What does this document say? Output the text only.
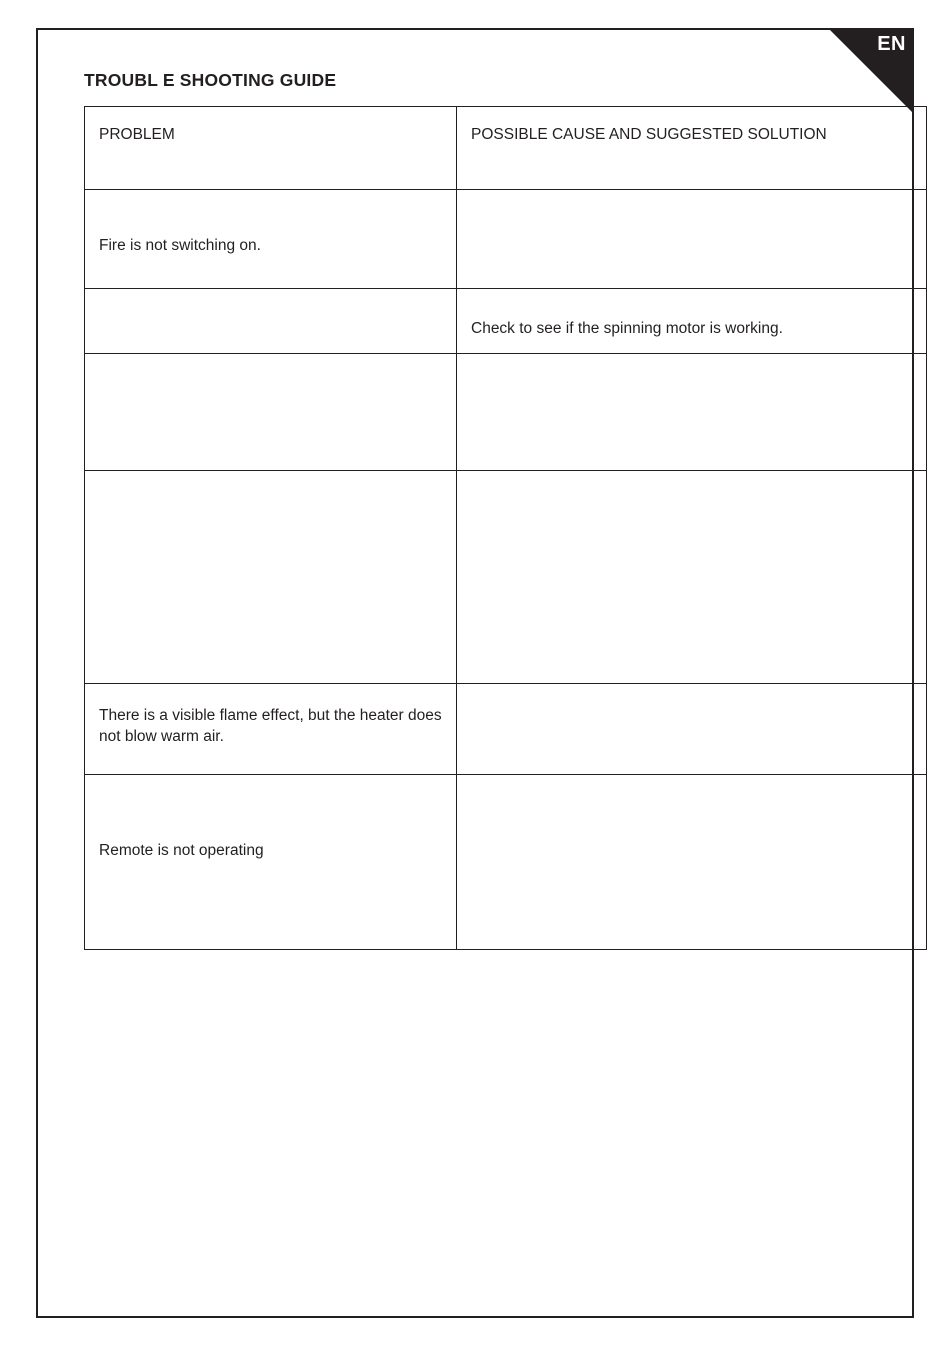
EN
TROUBL E SHOOTING GUIDE
PROBLEM	POSSIBLE CAUSE AND SUGGESTED SOLUTION

Fire is not switching on.	

	Check to see if the spinning motor is working.

There is a visible flame effect, but the heater does not blow warm air.	

Remote is not operating	
